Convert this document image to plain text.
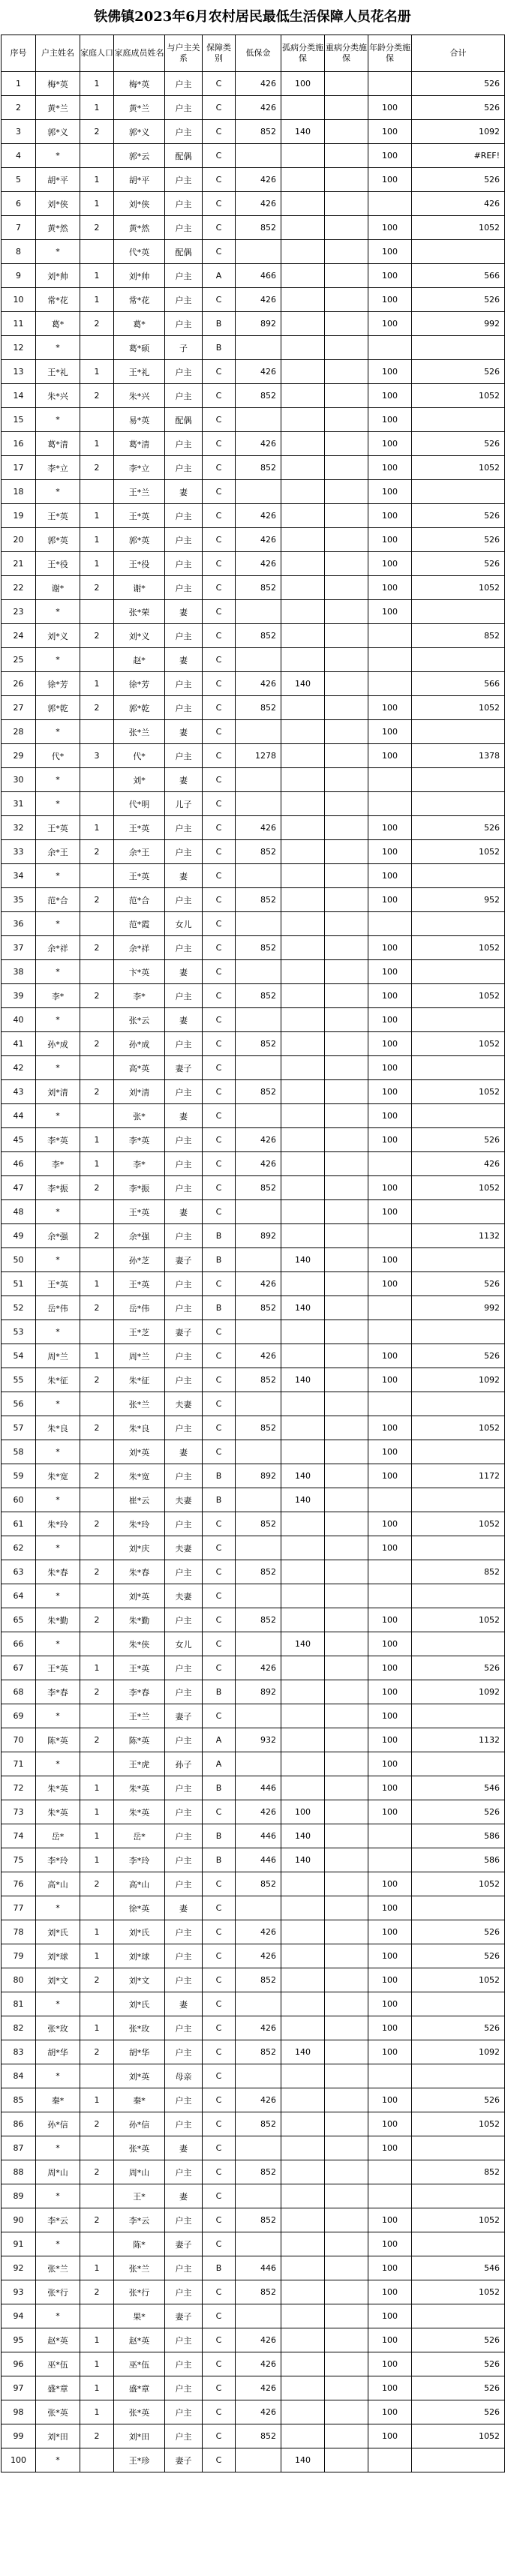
铁佛镇2023年6月农村居民最低生活保障人员花名册
序号	户主姓名	家庭人口	家庭成员姓名	与户主关系	保障类别	低保金	孤病分类施保	重病分类施保	年龄分类施保	合计
1	梅*英	1	梅*英	户主	C	426	100			526
2	黄*兰	1	黄*兰	户主	C	426			100	526
3	郭*义	2	郭*义	户主	C	852	140		100	1092
4	*		郭*云	配偶	C				100	#REF!
5	胡*平	1	胡*平	户主	C	426			100	526
6	刘*侠	1	刘*侠	户主	C	426				426
7	黄*然	2	黄*然	户主	C	852			100	1052
8	*		代*英	配偶	C				100	
9	刘*帅	1	刘*帅	户主	A	466			100	566
10	常*花	1	常*花	户主	C	426			100	526
11	葛*	2	葛*	户主	B	892			100	992
12	*		葛*硕	子	B					
13	王*礼	1	王*礼	户主	C	426			100	526
14	朱*兴	2	朱*兴	户主	C	852			100	1052
15	*		易*英	配偶	C				100	
16	葛*清	1	葛*清	户主	C	426			100	526
17	李*立	2	李*立	户主	C	852			100	1052
18	*		王*兰	妻	C				100	
19	王*英	1	王*英	户主	C	426			100	526
20	郭*英	1	郭*英	户主	C	426			100	526
21	王*役	1	王*役	户主	C	426			100	526
22	谢*	2	谢*	户主	C	852			100	1052
23	*		张*荣	妻	C				100	
24	刘*义	2	刘*义	户主	C	852				852
25	*		赵*	妻	C					
26	徐*芳	1	徐*芳	户主	C	426	140			566
27	郭*乾	2	郭*乾	户主	C	852			100	1052
28	*		张*兰	妻	C				100	
29	代*	3	代*	户主	C	1278			100	1378
30	*		刘*	妻	C					
31	*		代*明	儿子	C					
32	王*英	1	王*英	户主	C	426			100	526
33	余*王	2	余*王	户主	C	852			100	1052
34	*		王*英	妻	C				100	
35	范*合	2	范*合	户主	C	852			100	952
36	*		范*霞	女儿	C					
37	余*祥	2	余*祥	户主	C	852			100	1052
38	*		卞*英	妻	C				100	
39	李*	2	李*	户主	C	852			100	1052
40	*		张*云	妻	C				100	
41	孙*成	2	孙*成	户主	C	852			100	1052
42	*		高*英	妻子	C				100	
43	刘*清	2	刘*清	户主	C	852			100	1052
44	*		张*	妻	C				100	
45	李*英	1	李*英	户主	C	426			100	526
46	李*	1	李*	户主	C	426				426
47	李*振	2	李*振	户主	C	852			100	1052
48	*		王*英	妻	C				100	
49	余*强	2	余*强	户主	B	892				1132
50	*		孙*芝	妻子	B		140		100	
51	王*英	1	王*英	户主	C	426			100	526
52	岳*伟	2	岳*伟	户主	B	852	140			992
53	*		王*芝	妻子	C					
54	周*兰	1	周*兰	户主	C	426			100	526
55	朱*征	2	朱*征	户主	C	852	140		100	1092
56	*		张*兰	夫妻	C					
57	朱*良	2	朱*良	户主	C	852			100	1052
58	*		刘*英	妻	C				100	
59	朱*宽	2	朱*宽	户主	B	892	140		100	1172
60	*		崔*云	夫妻	B		140			
61	朱*玲	2	朱*玲	户主	C	852			100	1052
62	*		刘*庆	夫妻	C				100	
63	朱*春	2	朱*春	户主	C	852				852
64	*		刘*英	夫妻	C					
65	朱*勤	2	朱*勤	户主	C	852			100	1052
66	*		朱*侠	女儿	C		140		100	
67	王*英	1	王*英	户主	C	426			100	526
68	李*春	2	李*春	户主	B	892			100	1092
69	*		王*兰	妻子	C				100	
70	陈*英	2	陈*英	户主	A	932			100	1132
71	*		王*虎	孙子	A				100	
72	朱*英	1	朱*英	户主	B	446			100	546
73	朱*英	1	朱*英	户主	C	426	100		100	526
74	岳*	1	岳*	户主	B	446	140			586
75	李*玲	1	李*玲	户主	B	446	140			586
76	高*山	2	高*山	户主	C	852			100	1052
77	*		徐*英	妻	C				100	
78	刘*氏	1	刘*氏	户主	C	426			100	526
79	刘*球	1	刘*球	户主	C	426			100	526
80	刘*文	2	刘*文	户主	C	852			100	1052
81	*		刘*氏	妻	C				100	
82	张*玫	1	张*玫	户主	C	426			100	526
83	胡*华	2	胡*华	户主	C	852	140		100	1092
84	*		刘*英	母亲	C					
85	秦*	1	秦*	户主	C	426			100	526
86	孙*信	2	孙*信	户主	C	852			100	1052
87	*		张*英	妻	C				100	
88	周*山	2	周*山	户主	C	852				852
89	*		王*	妻	C					
90	李*云	2	李*云	户主	C	852			100	1052
91	*		陈*	妻子	C				100	
92	张*兰	1	张*兰	户主	B	446			100	546
93	张*行	2	张*行	户主	C	852			100	1052
94	*		果*	妻子	C				100	
95	赵*英	1	赵*英	户主	C	426			100	526
96	巫*伍	1	巫*伍	户主	C	426			100	526
97	盛*章	1	盛*章	户主	C	426			100	526
98	张*英	1	张*英	户主	C	426			100	526
99	刘*田	2	刘*田	户主	C	852			100	1052
100	*		王*珍	妻子	C		140			
